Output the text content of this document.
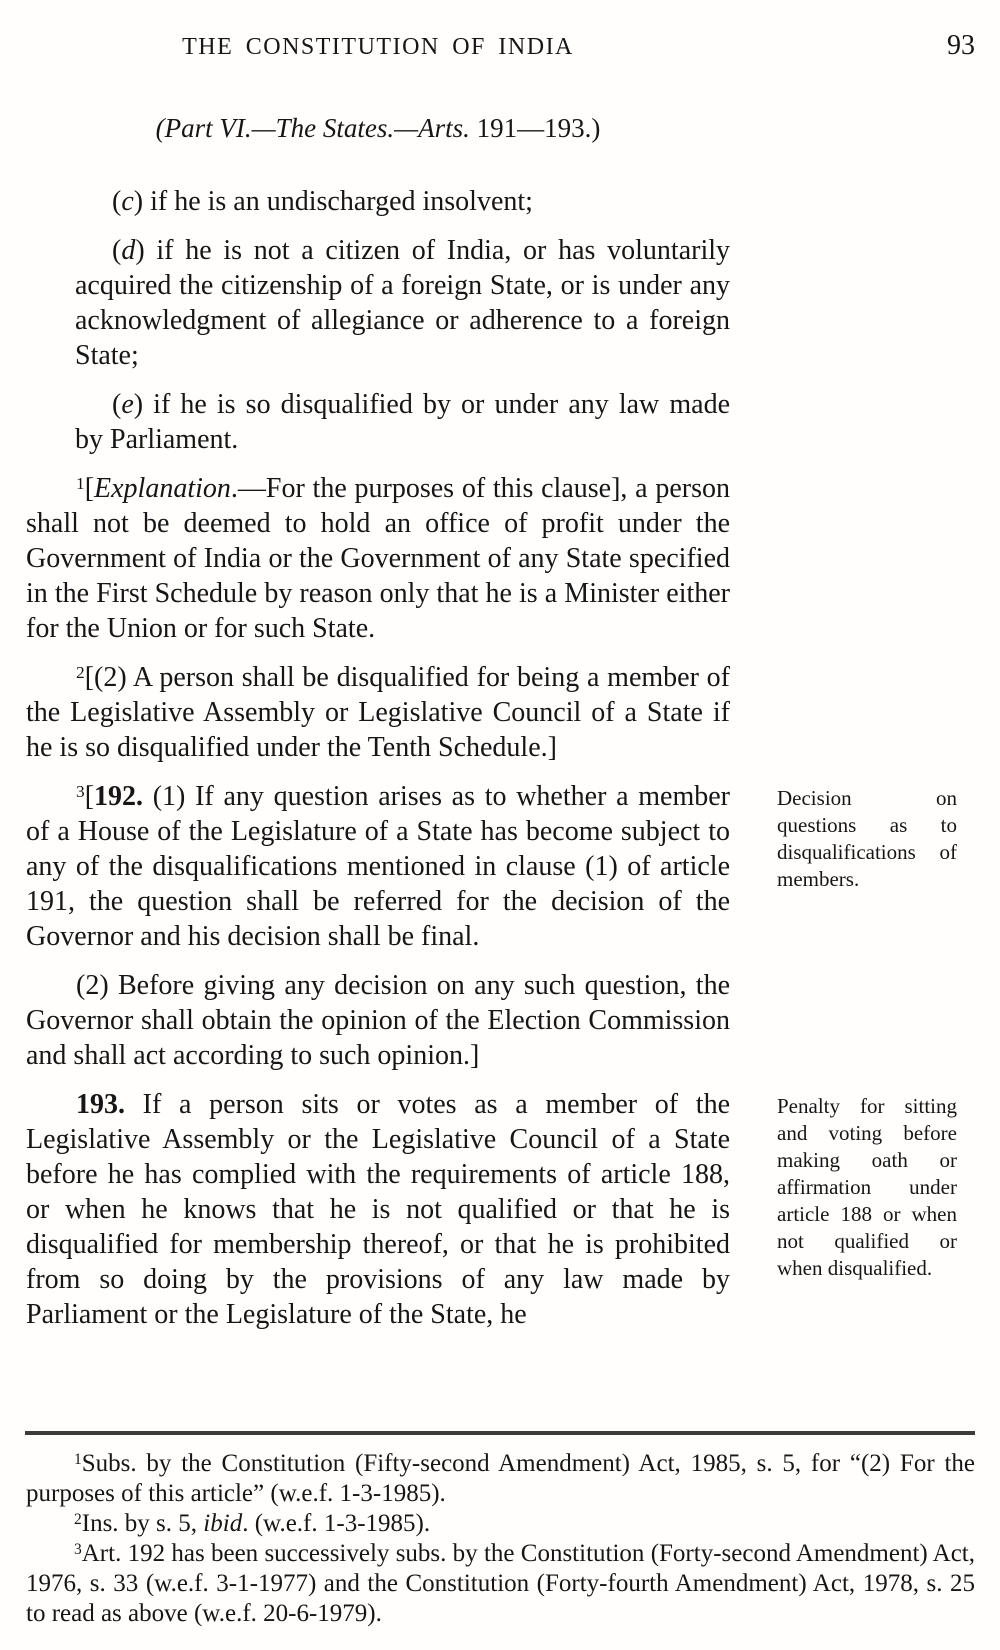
THE CONSTITUTION OF INDIA	93
(Part VI.—The States.—Arts. 191—193.)

(c) if he is an undischarged insolvent;

(d) if he is not a citizen of India, or has voluntarily acquired the citizenship of a foreign State, or is under any acknowledgment of allegiance or adherence to a foreign State;

(e) if he is so disqualified by or under any law made by Parliament.

$^1$[Explanation.—For the purposes of this clause], a person shall not be deemed to hold an office of profit under the Government of India or the Government of any State specified in the First Schedule by reason only that he is a Minister either for the Union or for such State.

$^2$[(2) A person shall be disqualified for being a member of the Legislative Assembly or Legislative Council of a State if he is so disqualified under the Tenth Schedule.]

$^3$[192. (1) If any question arises as to whether a member of a House of the Legislature of a State has become subject to any of the disqualifications mentioned in clause (1) of article 191, the question shall be referred for the decision of the Governor and his decision shall be final.

Decision on questions as to disqualifications of members.

(2) Before giving any decision on any such question, the Governor shall obtain the opinion of the Election Commission and shall act according to such opinion.]

193. If a person sits or votes as a member of the Legislative Assembly or the Legislative Council of a State before he has complied with the requirements of article 188, or when he knows that he is not qualified or that he is disqualified for membership thereof, or that he is prohibited from so doing by the provisions of any law made by Parliament or the Legislature of the State, he

Penalty for sitting and voting before making oath or affirmation under article 188 or when not qualified or when disqualified.

$^1$Subs. by the Constitution (Fifty-second Amendment) Act, 1985, s. 5, for “(2) For the purposes of this article” (w.e.f. 1-3-1985).

$^2$Ins. by s. 5, ibid. (w.e.f. 1-3-1985).

$^3$Art. 192 has been successively subs. by the Constitution (Forty-second Amendment) Act, 1976, s. 33 (w.e.f. 3-1-1977) and the Constitution (Forty-fourth Amendment) Act, 1978, s. 25 to read as above (w.e.f. 20-6-1979).
